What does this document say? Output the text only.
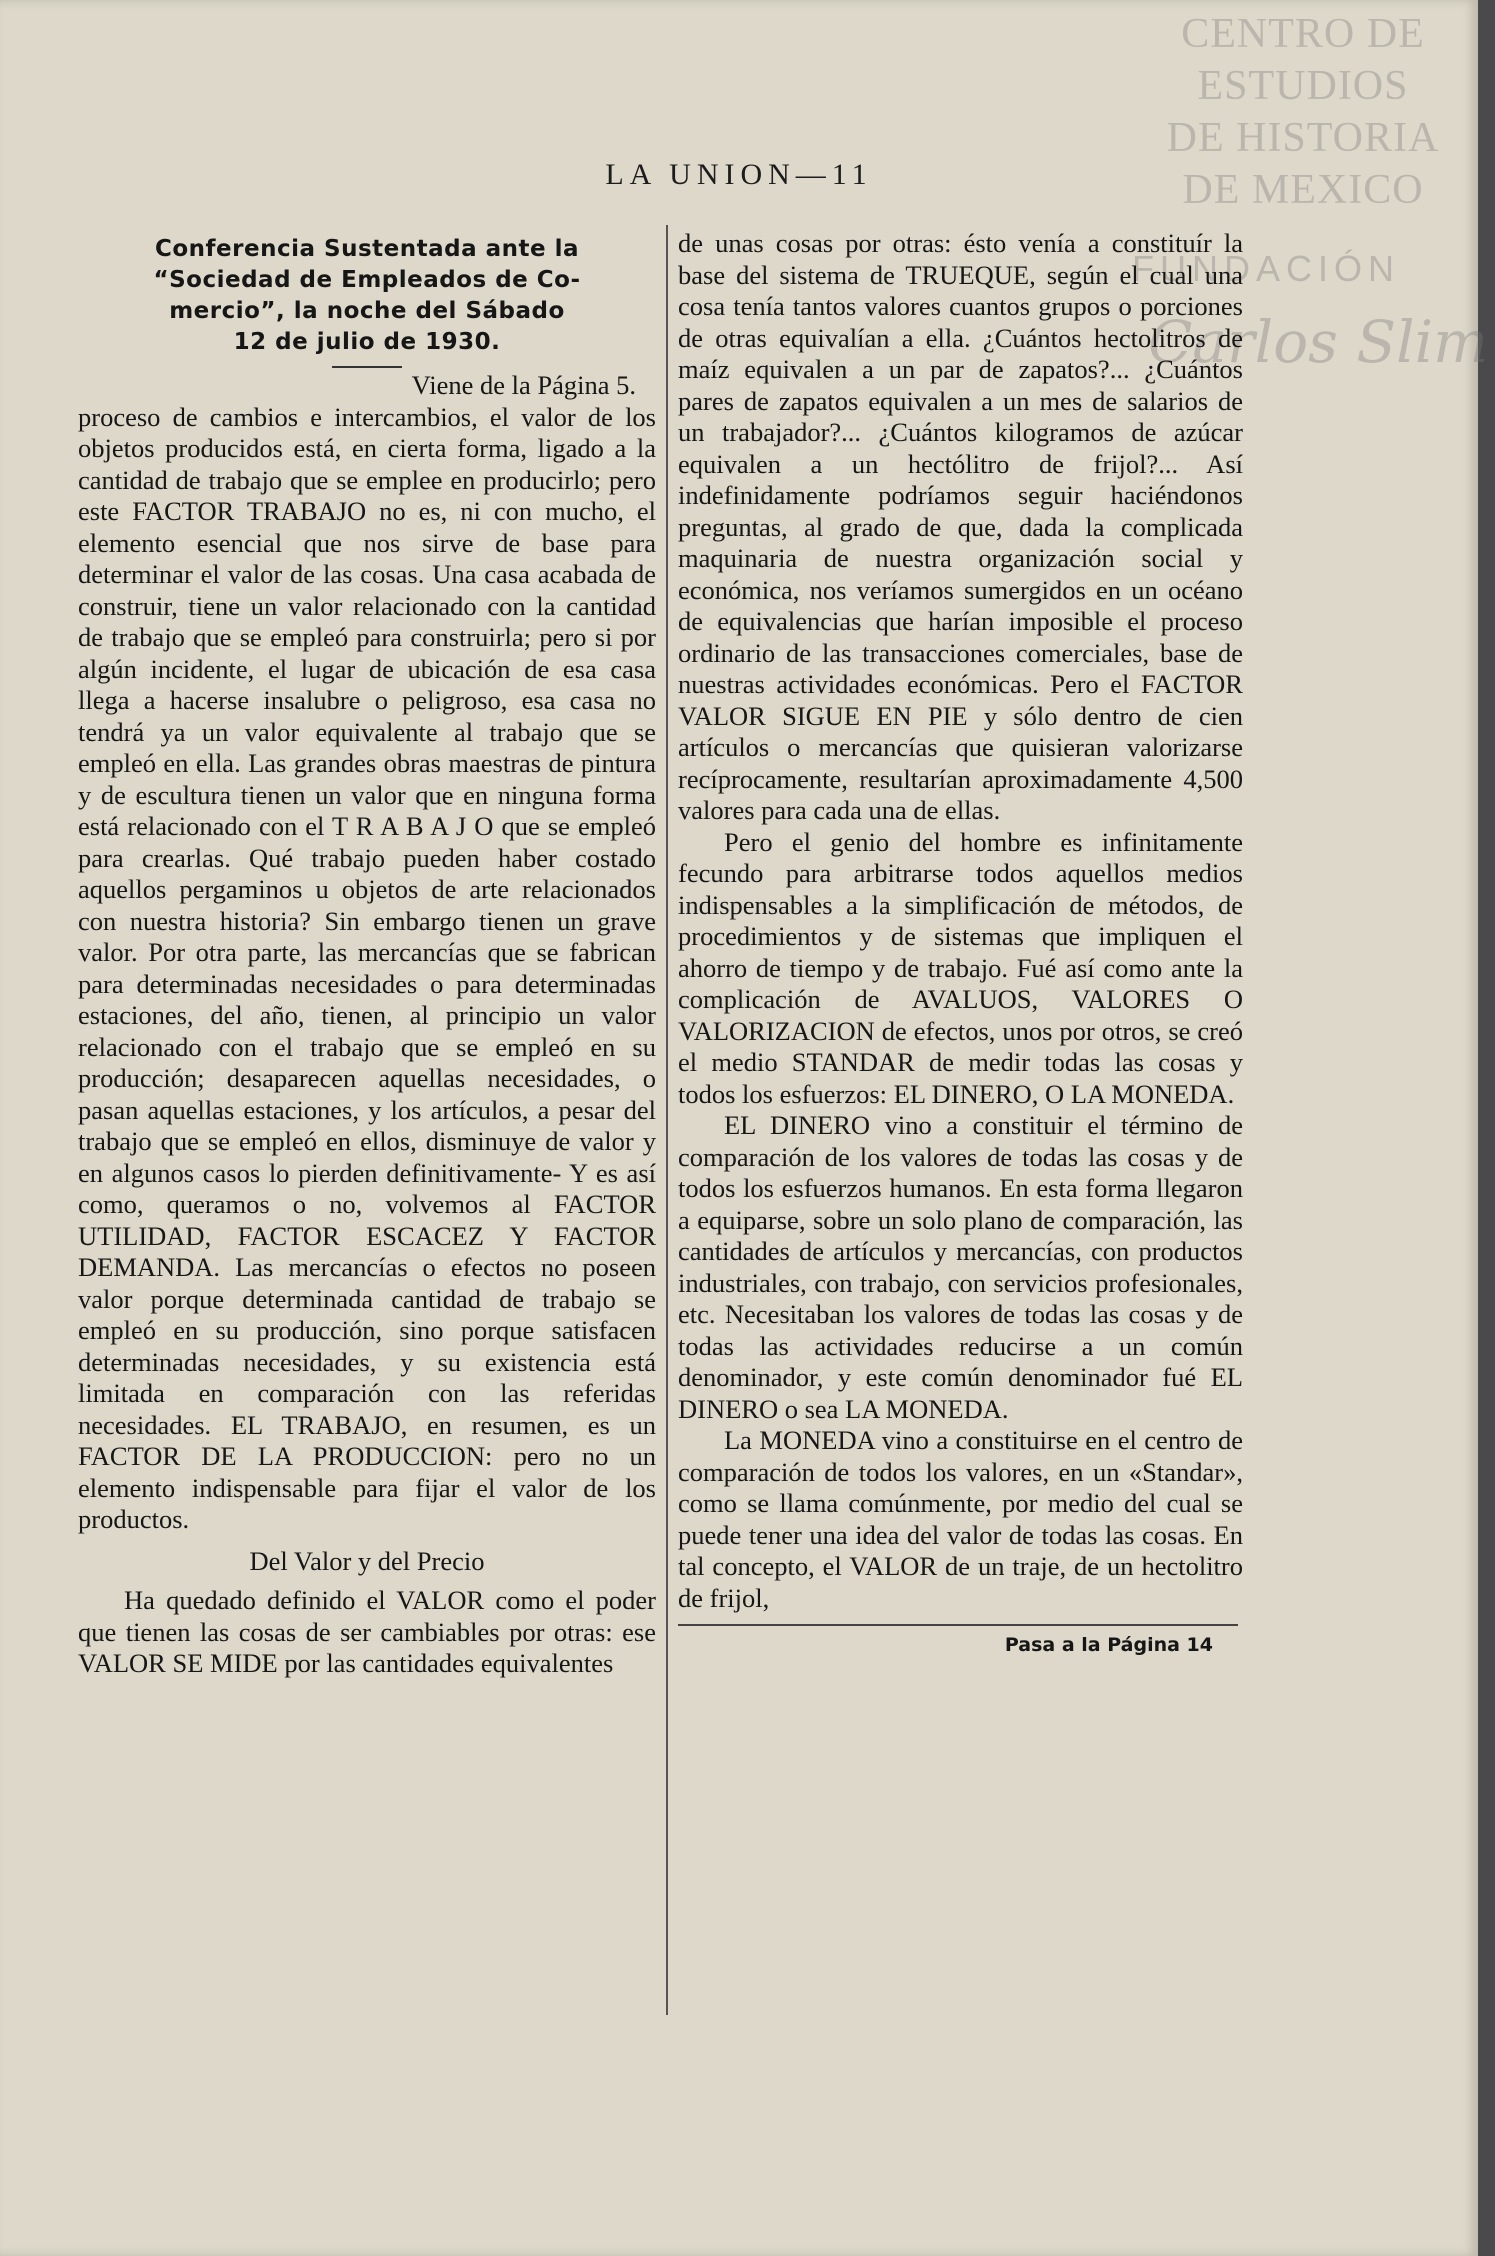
CENTRO DE
ESTUDIOS
DE HISTORIA
DE MEXICO
FUNDACIÓN
Carlos Slim
LA UNION—11
Conferencia Sustentada ante la
“Sociedad de Empleados de Co-
mercio”, la noche del Sábado
12 de julio de 1930.

Viene de la Página 5.

proceso de cambios e intercambios, el valor de los objetos producidos está, en cierta forma, ligado a la cantidad de trabajo que se emplee en producirlo; pero este FACTOR TRABAJO no es, ni con mucho, el elemento esencial que nos sirve de base para determinar el valor de las cosas. Una casa acabada de construir, tiene un valor relacionado con la cantidad de trabajo que se empleó para construirla; pero si por algún incidente, el lugar de ubicación de esa casa llega a hacerse insalubre o peligroso, esa casa no tendrá ya un valor equivalente al trabajo que se empleó en ella. Las grandes obras maestras de pintura y de escultura tienen un valor que en ninguna forma está relacionado con el T R A B A J O que se empleó para crearlas. Qué trabajo pueden haber costado aquellos pergaminos u objetos de arte relacionados con nuestra historia? Sin embargo tienen un grave valor. Por otra parte, las mercancías que se fabrican para determinadas necesidades o para determinadas estaciones, del año, tienen, al principio un valor relacionado con el trabajo que se empleó en su producción; desaparecen aquellas necesidades, o pasan aquellas estaciones, y los artículos, a pesar del trabajo que se empleó en ellos, disminuye de valor y en algunos casos lo pierden definitivamente- Y es así como, queramos o no, volvemos al FACTOR UTILIDAD, FACTOR ESCACEZ Y FACTOR DEMANDA. Las mercancías o efectos no poseen valor porque determinada cantidad de trabajo se empleó en su producción, sino porque satisfacen determinadas necesidades, y su existencia está limitada en comparación con las referidas necesidades. EL TRABAJO, en resumen, es un FACTOR DE LA PRODUCCION: pero no un elemento indispensable para fijar el valor de los productos.

Del Valor y del Precio

Ha quedado definido el VALOR como el poder que tienen las cosas de ser cambiables por otras: ese VALOR SE MIDE por las cantidades equivalentes

de unas cosas por otras: ésto venía a constituír la base del sistema de TRUEQUE, según el cual una cosa tenía tantos valores cuantos grupos o porciones de otras equivalían a ella. ¿Cuántos hectolitros de maíz equivalen a un par de zapatos?... ¿Cuántos pares de zapatos equivalen a un mes de salarios de un trabajador?... ¿Cuántos kilogramos de azúcar equivalen a un hectólitro de frijol?... Así indefinidamente podríamos seguir haciéndonos preguntas, al grado de que, dada la complicada maquinaria de nuestra organización social y económica, nos veríamos sumergidos en un océano de equivalencias que harían imposible el proceso ordinario de las transacciones comerciales, base de nuestras actividades económicas. Pero el FACTOR VALOR SIGUE EN PIE y sólo dentro de cien artículos o mercancías que quisieran valorizarse recíprocamente, resultarían aproximadamente 4,500 valores para cada una de ellas.

Pero el genio del hombre es infinitamente fecundo para arbitrarse todos aquellos medios indispensables a la simplificación de métodos, de procedimientos y de sistemas que impliquen el ahorro de tiempo y de trabajo. Fué así como ante la complicación de AVALUOS, VALORES O VALORIZACION de efectos, unos por otros, se creó el medio STANDAR de medir todas las cosas y todos los esfuerzos: EL DINERO, O LA MONEDA.

EL DINERO vino a constituir el término de comparación de los valores de todas las cosas y de todos los esfuerzos humanos. En esta forma llegaron a equiparse, sobre un solo plano de comparación, las cantidades de artículos y mercancías, con productos industriales, con trabajo, con servicios profesionales, etc. Necesitaban los valores de todas las cosas y de todas las actividades reducirse a un común denominador, y este común denominador fué EL DINERO o sea LA MONEDA.

La MONEDA vino a constituirse en el centro de comparación de todos los valores, en un «Standar», como se llama comúnmente, por medio del cual se puede tener una idea del valor de todas las cosas. En tal concepto, el VALOR de un traje, de un hectolitro de frijol,

Pasa a la Página 14
